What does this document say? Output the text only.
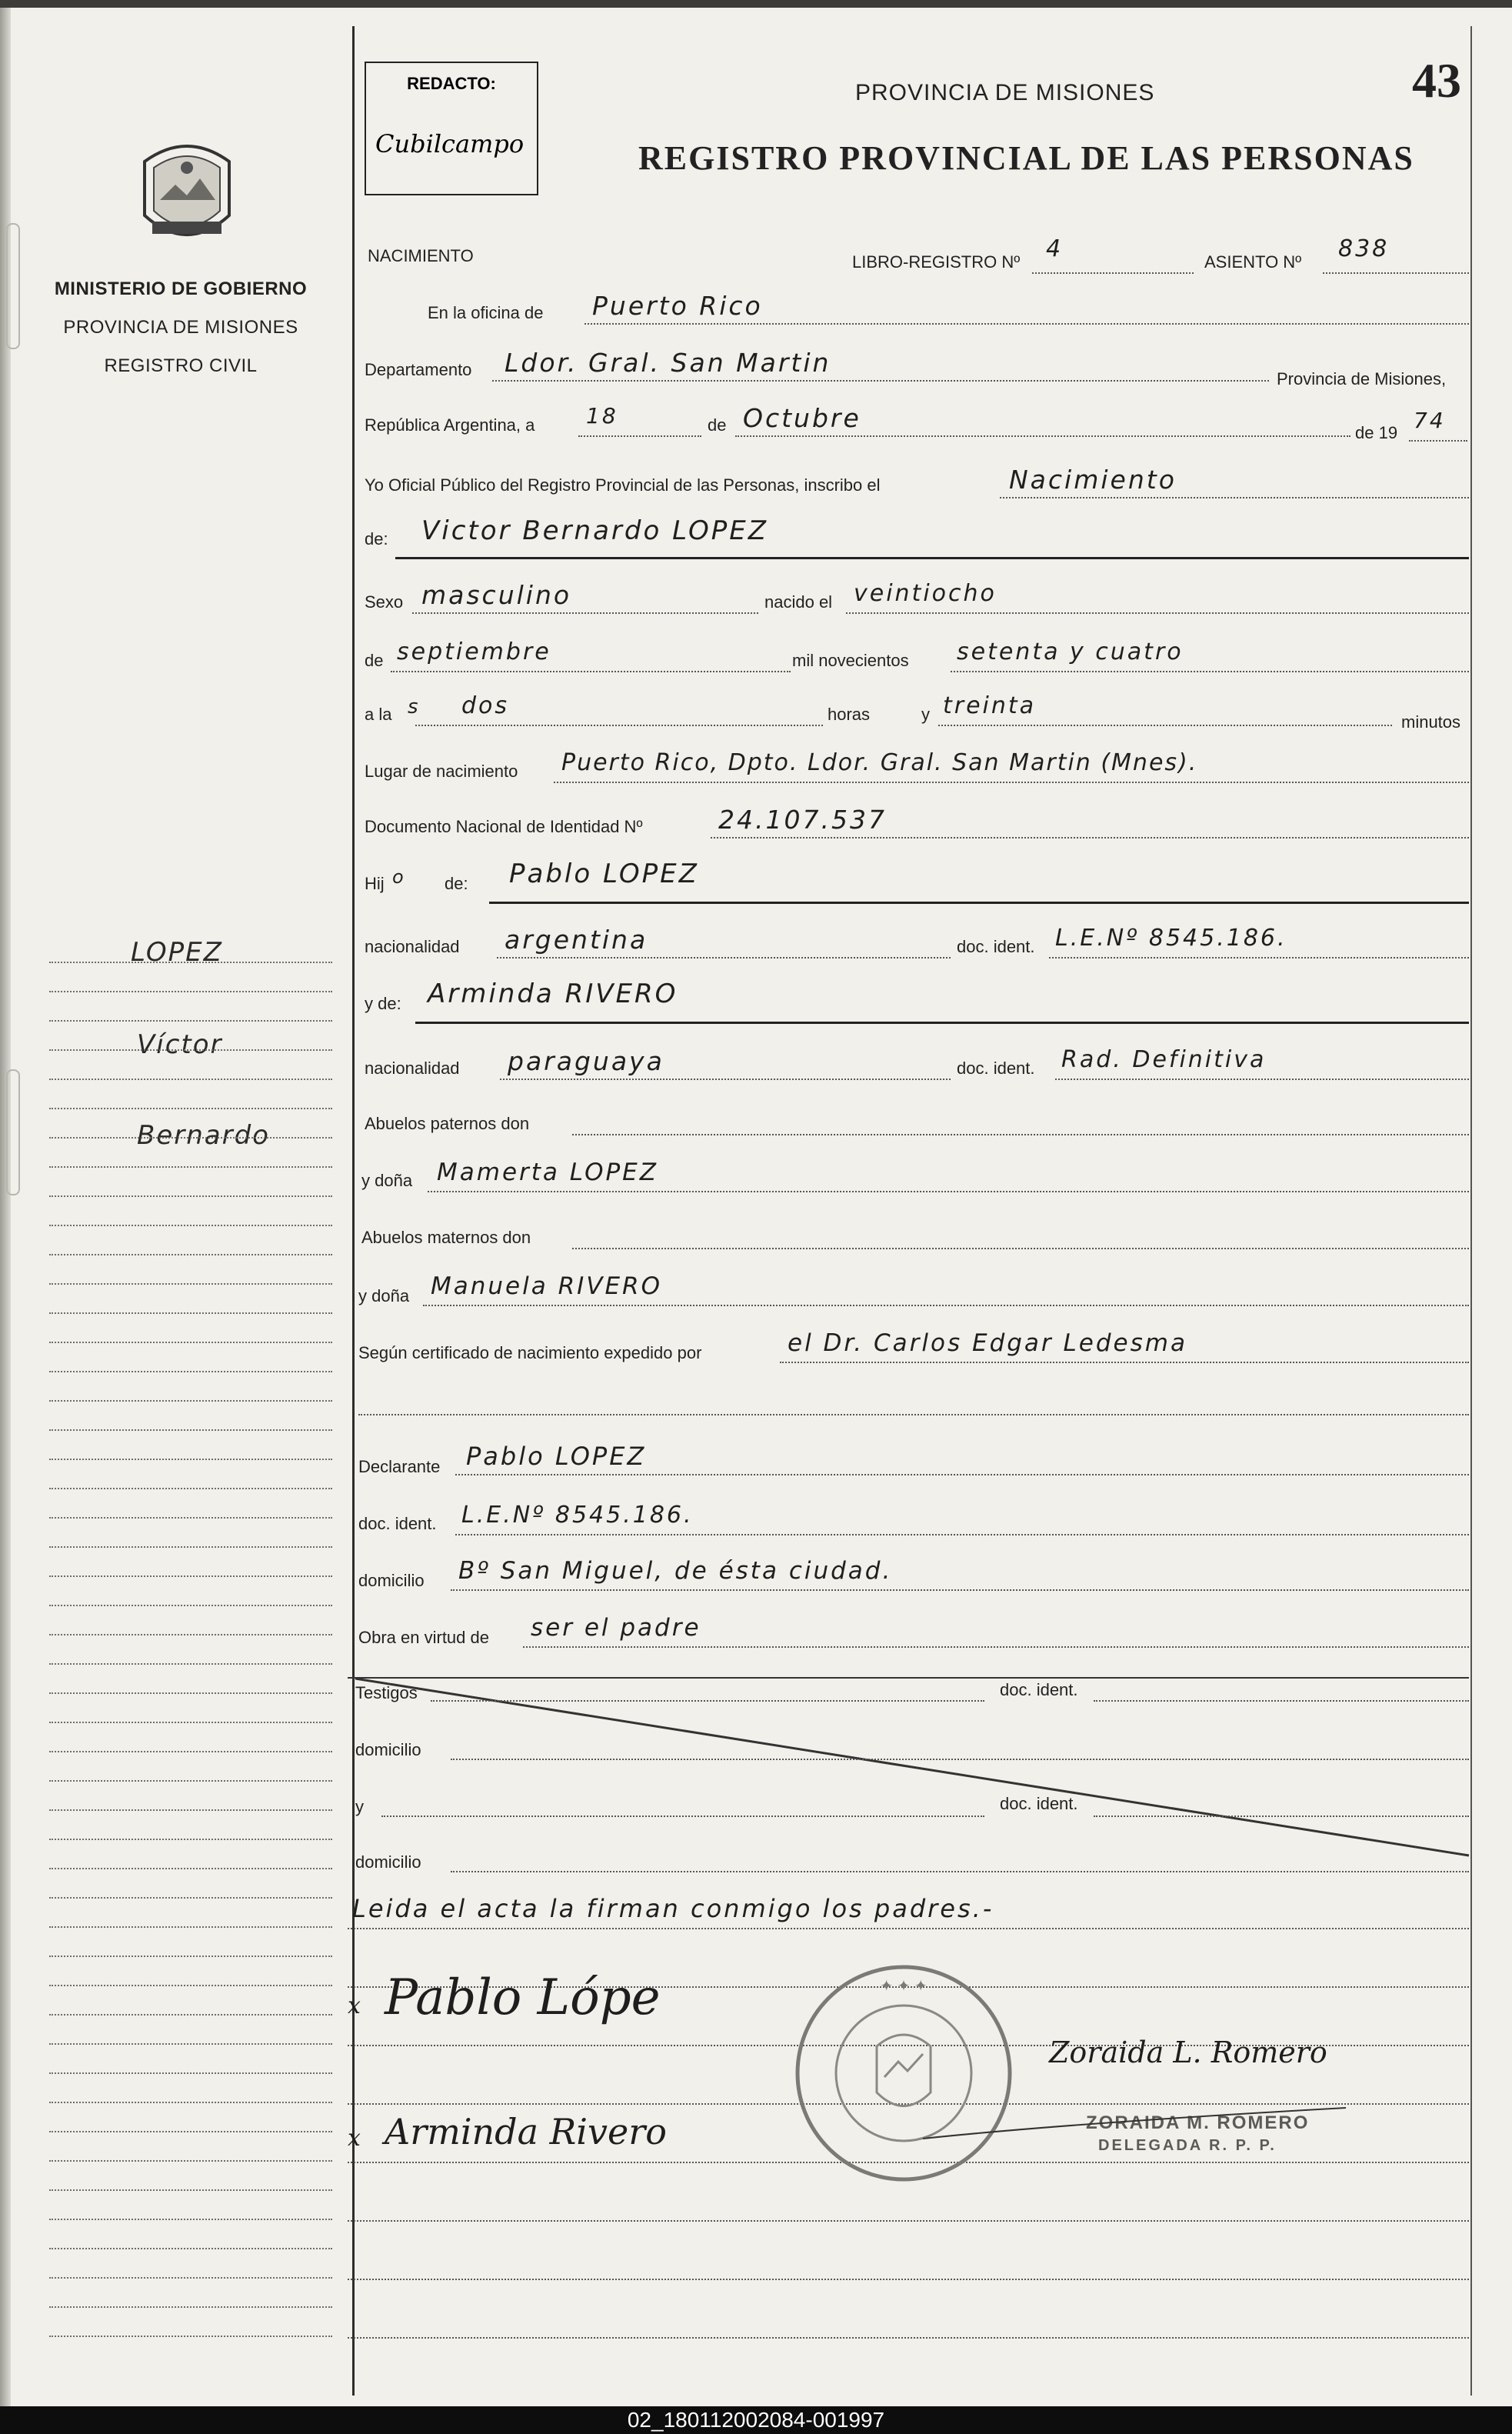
MINISTERIO DE GOBIERNO
PROVINCIA DE MISIONES
REGISTRO CIVIL
LOPEZ
Víctor
Bernardo
REDACTO:
Cubilcampo
PROVINCIA DE MISIONES
REGISTRO PROVINCIAL DE LAS PERSONAS
43
NACIMIENTO	LIBRO-REGISTRO Nº 4	ASIENTO Nº 838
En la oficina de Puerto Rico
Departamento Ldor. Gral. San Martin
Provincia de Misiones,
República Argentina, a 18	de Octubre	de 19 74
Yo Oficial Público del Registro Provincial de las Personas, inscribo el	Nacimiento
de: Victor Bernardo LOPEZ
Sexo masculino	nacido el veintiocho
de septiembre	mil novecientos setenta y cuatro
a la s dos	horas	y treinta
minutos
Lugar de nacimiento Puerto Rico, Dpto. Ldor. Gral. San Martin (Mnes).
Documento Nacional de Identidad Nº	24.107.537
Hij o de: Pablo LOPEZ
nacionalidad argentina	doc. ident. L.E.Nº 8545.186.
y de: Arminda RIVERO
nacionalidad paraguaya	doc. ident. Rad. Definitiva
Abuelos paternos don
y doña Mamerta LOPEZ
Abuelos maternos don
y doña Manuela RIVERO
Según certificado de nacimiento expedido por	el Dr. Carlos Edgar Ledesma
Declarante Pablo LOPEZ
doc. ident. L.E.Nº 8545.186.
domicilio Bº San Miguel, de ésta ciudad.
Obra en virtud de ser el padre
Testigos	doc. ident.
domicilio
y	doc. ident.
domicilio
Leida el acta la firman conmigo los padres.-
x Pablo Lópe
x Arminda Rivero
✦ ✦ ✦
Zoraida L. Romero
ZORAIDA M. ROMERO
DELEGADA R. P. P.
02_180112002084-001997
